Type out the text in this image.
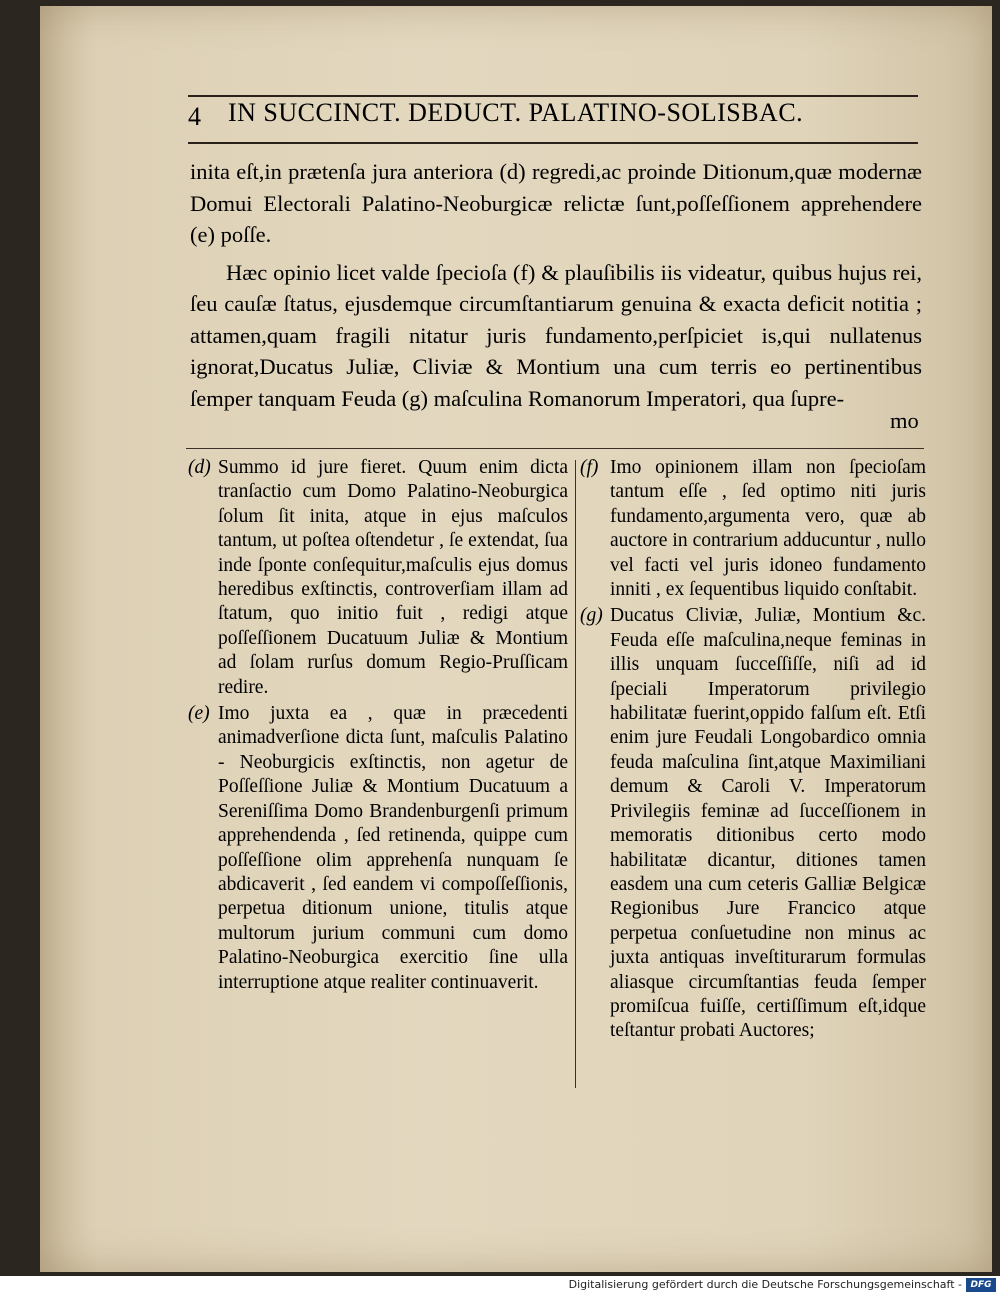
4 IN SUCCINCT. DEDUCT. PALATINO-SOLISBAC.

inita eſt,in prætenſa jura anteriora (d) regredi,ac proinde Ditionum,quæ modernæ Domui Electorali Palatino-Neoburgicæ relictæ ſunt,poſſeſſionem apprehendere (e) poſſe.

Hæc opinio licet valde ſpecioſa (f) & plauſibilis iis videatur, quibus hujus rei, ſeu cauſæ ſtatus, ejusdemque circumſtantiarum genuina & exacta deficit notitia ; attamen,quam fragili nitatur juris fundamento,perſpiciet is,qui nullatenus ignorat,Ducatus Juliæ, Cliviæ & Montium una cum terris eo pertinentibus ſemper tanquam Feuda (g) maſculina Romanorum Imperatori, qua ſupre-

mo
(d) Summo id jure fieret. Quum enim dicta tranſactio cum Domo Palatino-Neoburgica ſolum ſit inita, atque in ejus maſculos tantum, ut poſtea oſtendetur , ſe extendat, ſua inde ſponte conſequitur,maſculis ejus domus heredibus exſtinctis, controverſiam illam ad ſtatum, quo initio fuit , redigi atque poſſeſſionem Ducatuum Juliæ & Montium ad ſolam rurſus domum Regio-Pruſſicam redire.
(e) Imo juxta ea , quæ in præcedenti animadverſione dicta ſunt, maſculis Palatino - Neoburgicis exſtinctis, non agetur de Poſſeſſione Juliæ & Montium Ducatuum a Sereniſſima Domo Brandenburgenſi primum apprehendenda , ſed retinenda, quippe cum poſſeſſione olim apprehenſa nunquam ſe abdicaverit , ſed eandem vi compoſſeſſionis, perpetua ditionum unione, titulis atque multorum jurium communi cum domo Palatino-Neoburgica exercitio ſine ulla interruptione atque realiter continuaverit.
(f) Imo opinionem illam non ſpecioſam tantum eſſe , ſed optimo niti juris fundamento,argumenta vero, quæ ab auctore in contrarium adducuntur , nullo vel facti vel juris idoneo fundamento inniti , ex ſequentibus liquido conſtabit.
(g) Ducatus Cliviæ, Juliæ, Montium &c. Feuda eſſe maſculina,neque feminas in illis unquam ſucceſſiſſe, niſi ad id ſpeciali Imperatorum privilegio habilitatæ fuerint,oppido falſum eſt. Etſi enim jure Feudali Longobardico omnia feuda maſculina ſint,atque Maximiliani demum & Caroli V. Imperatorum Privilegiis feminæ ad ſucceſſionem in memoratis ditionibus certo modo habilitatæ dicantur, ditiones tamen easdem una cum ceteris Galliæ Belgicæ Regionibus Jure Francico atque perpetua conſuetudine non minus ac juxta antiquas inveſtiturarum formulas aliasque circumſtantias feuda ſemper promiſcua fuiſſe, certiſſimum eſt,idque teſtantur probati Auctores;
Digitalisierung gefördert durch die Deutsche Forschungsgemeinschaft - DFG
